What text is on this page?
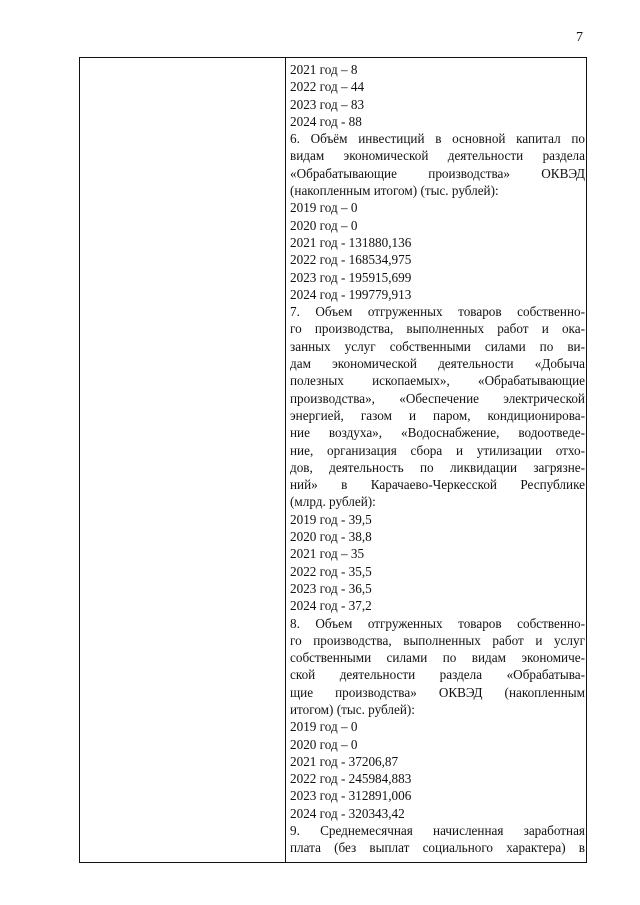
7
2021 год – 8
2022 год – 44
2023 год – 83
2024 год - 88
6. Объём инвестиций в основной капитал по
видам экономической деятельности раздела
«Обрабатывающие производства» ОКВЭД
(накопленным итогом) (тыс. рублей):
2019 год – 0
2020 год – 0
2021 год - 131880,136
2022 год - 168534,975
2023 год - 195915,699
2024 год - 199779,913
7. Объем отгруженных товаров собственно-
го производства, выполненных работ и ока-
занных услуг собственными силами по ви-
дам экономической деятельности «Добыча
полезных ископаемых», «Обрабатывающие
производства», «Обеспечение электрической
энергией, газом и паром, кондиционирова-
ние воздуха», «Водоснабжение, водоотведе-
ние, организация сбора и утилизации отхо-
дов, деятельность по ликвидации загрязне-
ний» в Карачаево-Черкесской Республике
(млрд. рублей):
2019 год - 39,5
2020 год - 38,8
2021 год – 35
2022 год - 35,5
2023 год - 36,5
2024 год - 37,2
8. Объем отгруженных товаров собственно-
го производства, выполненных работ и услуг
собственными силами по видам экономиче-
ской деятельности раздела «Обрабатыва-
щие производства» ОКВЭД (накопленным
итогом) (тыс. рублей):
2019 год – 0
2020 год – 0
2021 год - 37206,87
2022 год - 245984,883
2023 год - 312891,006
2024 год - 320343,42
9. Среднемесячная начисленная заработная
плата (без выплат социального характера) в
